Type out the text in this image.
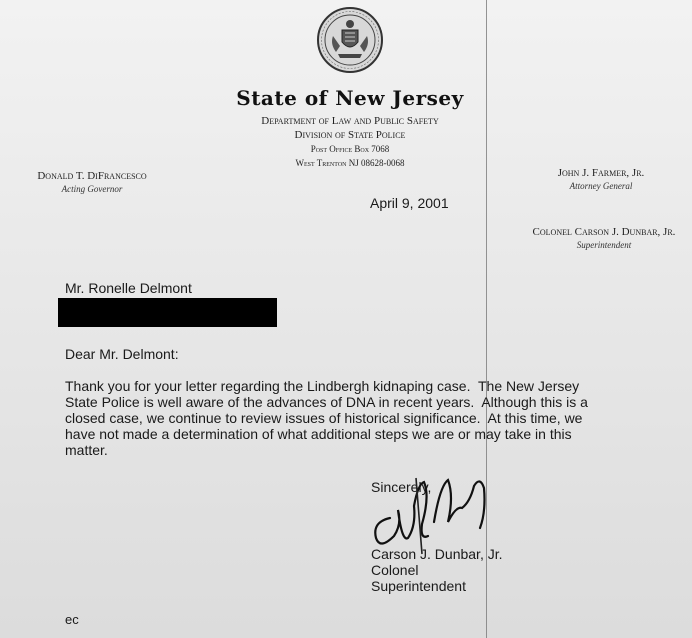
State of New Jersey
Department of Law and Public Safety
Division of State Police
Post Office Box 7068
West Trenton NJ 08628-0068
Donald T. DiFrancesco
Acting Governor
John J. Farmer, Jr.
Attorney General
Colonel Carson J. Dunbar, Jr.
Superintendent
April 9, 2001
Mr. Ronelle Delmont
Dear Mr. Delmont:
Thank you for your letter regarding the Lindbergh kidnaping case.  The New Jersey
State Police is well aware of the advances of DNA in recent years.  Although this is a
closed case, we continue to review issues of historical significance.  At this time, we
have not made a determination of what additional steps we are or may take in this
matter.
Sincerely,
Carson J. Dunbar, Jr.
Colonel
Superintendent
ec
